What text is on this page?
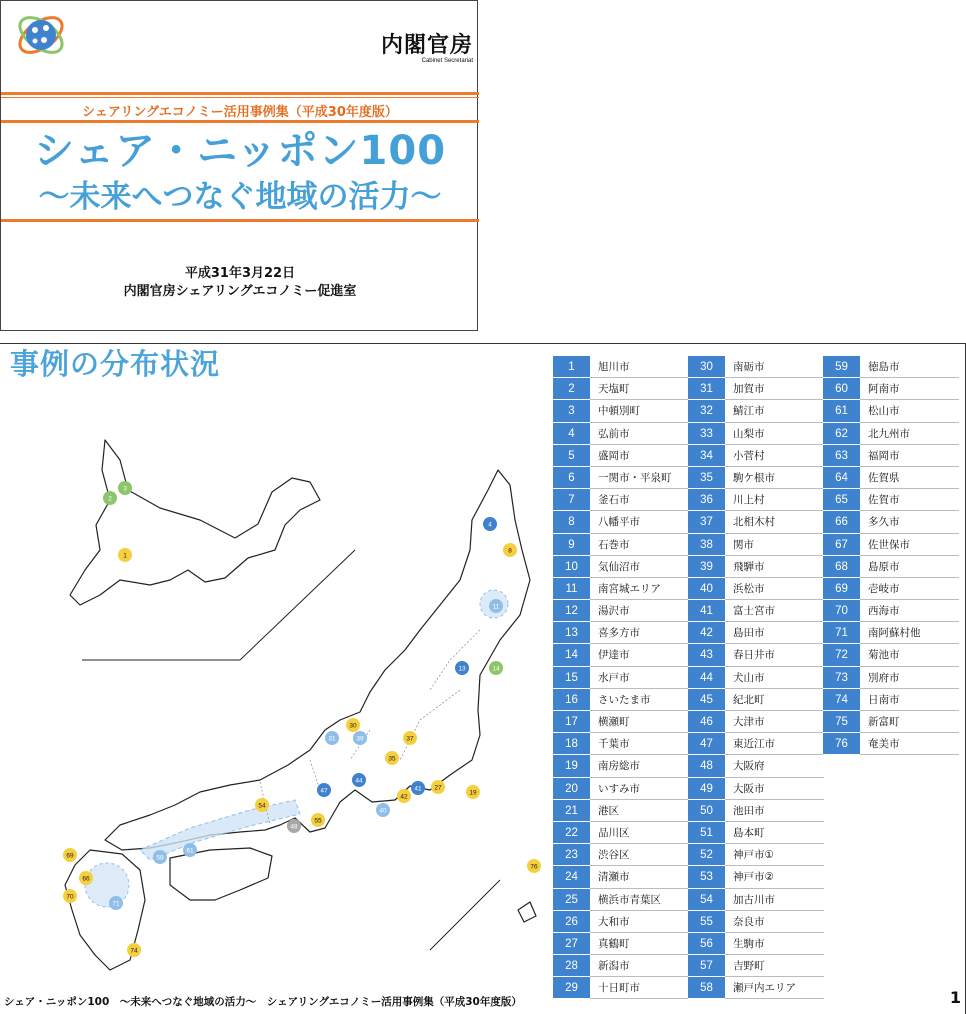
内閣官房
Cabinet Secretariat
シェアリングエコノミー活用事例集（平成30年度版）
シェア・ニッポン100
～未来へつなぐ地域の活力～
平成31年3月22日
内閣官房シェアリングエコノミー促進室
事例の分布状況
1
2
3
4
8
11
13	14
19
27
30
31
35
37
39
40
41
42
44
47
48
54
55
58
61
66
69
70
71
74
76
1	旭川市
2	天塩町
3	中頓別町
4	弘前市
5	盛岡市
6	一関市・平泉町
7	釜石市
8	八幡平市
9	石巻市
10	気仙沼市
11	南宮城エリア
12	湯沢市
13	喜多方市
14	伊達市
15	水戸市
16	さいたま市
17	横瀬町
18	千葉市
19	南房総市
20	いすみ市
21	港区
22	品川区
23	渋谷区
24	清瀬市
25	横浜市青葉区
26	大和市
27	真鶴町
28	新潟市
29	十日町市
30	南砺市
31	加賀市
32	鯖江市
33	山梨市
34	小菅村
35	駒ケ根市
36	川上村
37	北相木村
38	関市
39	飛騨市
40	浜松市
41	富士宮市
42	島田市
43	春日井市
44	犬山市
45	紀北町
46	大津市
47	東近江市
48	大阪府
49	大阪市
50	池田市
51	島本町
52	神戸市①
53	神戸市②
54	加古川市
55	奈良市
56	生駒市
57	吉野町
58	瀬戸内エリア
59	徳島市
60	阿南市
61	松山市
62	北九州市
63	福岡市
64	佐賀県
65	佐賀市
66	多久市
67	佐世保市
68	島原市
69	壱岐市
70	西海市
71	南阿蘇村他
72	菊池市
73	別府市
74	日南市
75	新富町
76	奄美市
シェア・ニッポン100　～未来へつなぐ地域の活力～　シェアリングエコノミー活用事例集（平成30年度版）	1
